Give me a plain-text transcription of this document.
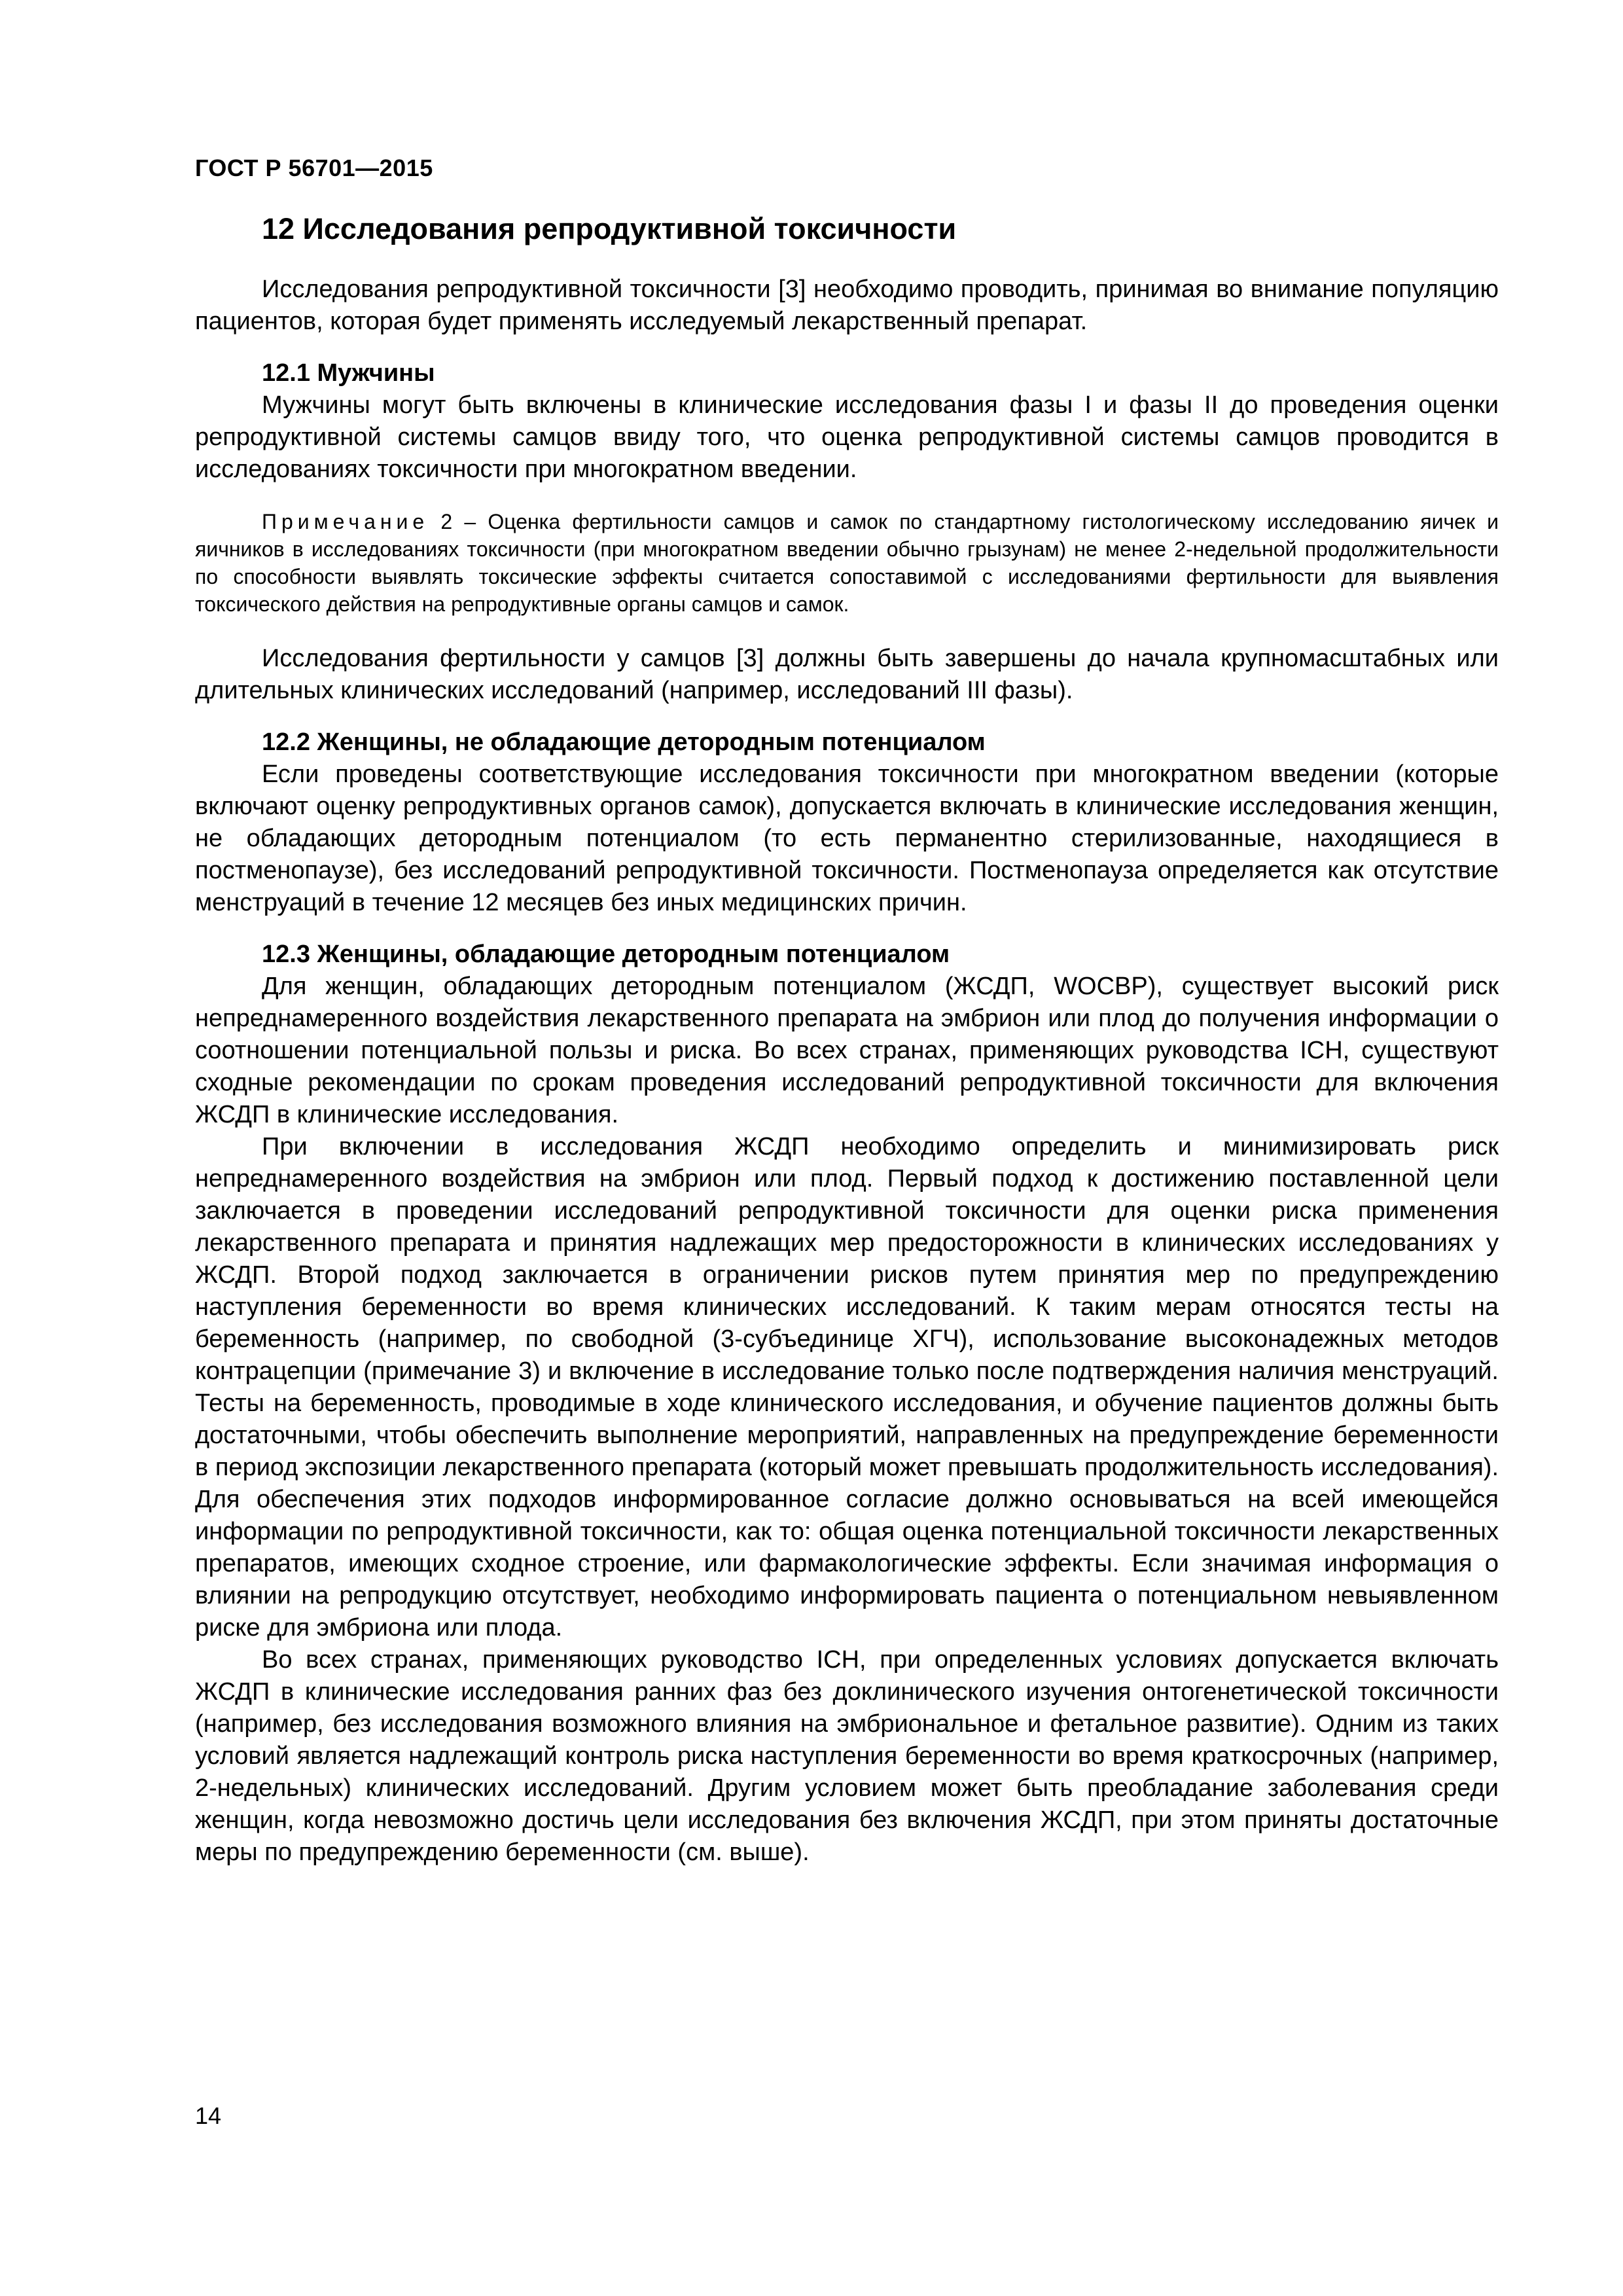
ГОСТ Р 56701—2015
12 Исследования репродуктивной токсичности

Исследования репродуктивной токсичности [3] необходимо проводить, принимая во внимание популяцию пациентов, которая будет применять исследуемый лекарственный препарат.

12.1 Мужчины

Мужчины могут быть включены в клинические исследования фазы I и фазы II до проведения оценки репродуктивной системы самцов ввиду того, что оценка репродуктивной системы самцов проводится в исследованиях токсичности при многократном введении.

Примечание 2 – Оценка фертильности самцов и самок по стандартному гистологическому исследованию яичек и яичников в исследованиях токсичности (при многократном введении обычно грызунам) не менее 2-недельной продолжительности по способности выявлять токсические эффекты считается сопоставимой с исследованиями фертильности для выявления токсического действия на репродуктивные органы самцов и самок.

Исследования фертильности у самцов [3] должны быть завершены до начала крупномасштабных или длительных клинических исследований (например, исследований III фазы).

12.2 Женщины, не обладающие детородным потенциалом

Если проведены соответствующие исследования токсичности при многократном введении (которые включают оценку репродуктивных органов самок), допускается включать в клинические исследования женщин, не обладающих детородным потенциалом (то есть перманентно стерилизованные, находящиеся в постменопаузе), без исследований репродуктивной токсичности. Постменопауза определяется как отсутствие менструаций в течение 12 месяцев без иных медицинских причин.

12.3 Женщины, обладающие детородным потенциалом

Для женщин, обладающих детородным потенциалом (ЖСДП, WOCBP), существует высокий риск непреднамеренного воздействия лекарственного препарата на эмбрион или плод до получения информации о соотношении потенциальной пользы и риска. Во всех странах, применяющих руководства ICH, существуют сходные рекомендации по срокам проведения исследований репродуктивной токсичности для включения ЖСДП в клинические исследования.

При включении в исследования ЖСДП необходимо определить и минимизировать риск непреднамеренного воздействия на эмбрион или плод. Первый подход к достижению поставленной цели заключается в проведении исследований репродуктивной токсичности для оценки риска применения лекарственного препарата и принятия надлежащих мер предосторожности в клинических исследованиях у ЖСДП. Второй подход заключается в ограничении рисков путем принятия мер по предупреждению наступления беременности во время клинических исследований. К таким мерам относятся тесты на беременность (например, по свободной (3-субъединице ХГЧ), использование высоконадежных методов контрацепции (примечание 3) и включение в исследование только после подтверждения наличия менструаций. Тесты на беременность, проводимые в ходе клинического исследования, и обучение пациентов должны быть достаточными, чтобы обеспечить выполнение мероприятий, направленных на предупреждение беременности в период экспозиции лекарственного препарата (который может превышать продолжительность исследования). Для обеспечения этих подходов информированное согласие должно основываться на всей имеющейся информации по репродуктивной токсичности, как то: общая оценка потенциальной токсичности лекарственных препаратов, имеющих сходное строение, или фармакологические эффекты. Если значимая информация о влиянии на репродукцию отсутствует, необходимо информировать пациента о потенциальном невыявленном риске для эмбриона или плода.

Во всех странах, применяющих руководство ICH, при определенных условиях допускается включать ЖСДП в клинические исследования ранних фаз без доклинического изучения онтогенетической токсичности (например, без исследования возможного влияния на эмбриональное и фетальное развитие). Одним из таких условий является надлежащий контроль риска наступления беременности во время краткосрочных (например, 2-недельных) клинических исследований. Другим условием может быть преобладание заболевания среди женщин, когда невозможно достичь цели исследования без включения ЖСДП, при этом приняты достаточные меры по предупреждению беременности (см. выше).

14
